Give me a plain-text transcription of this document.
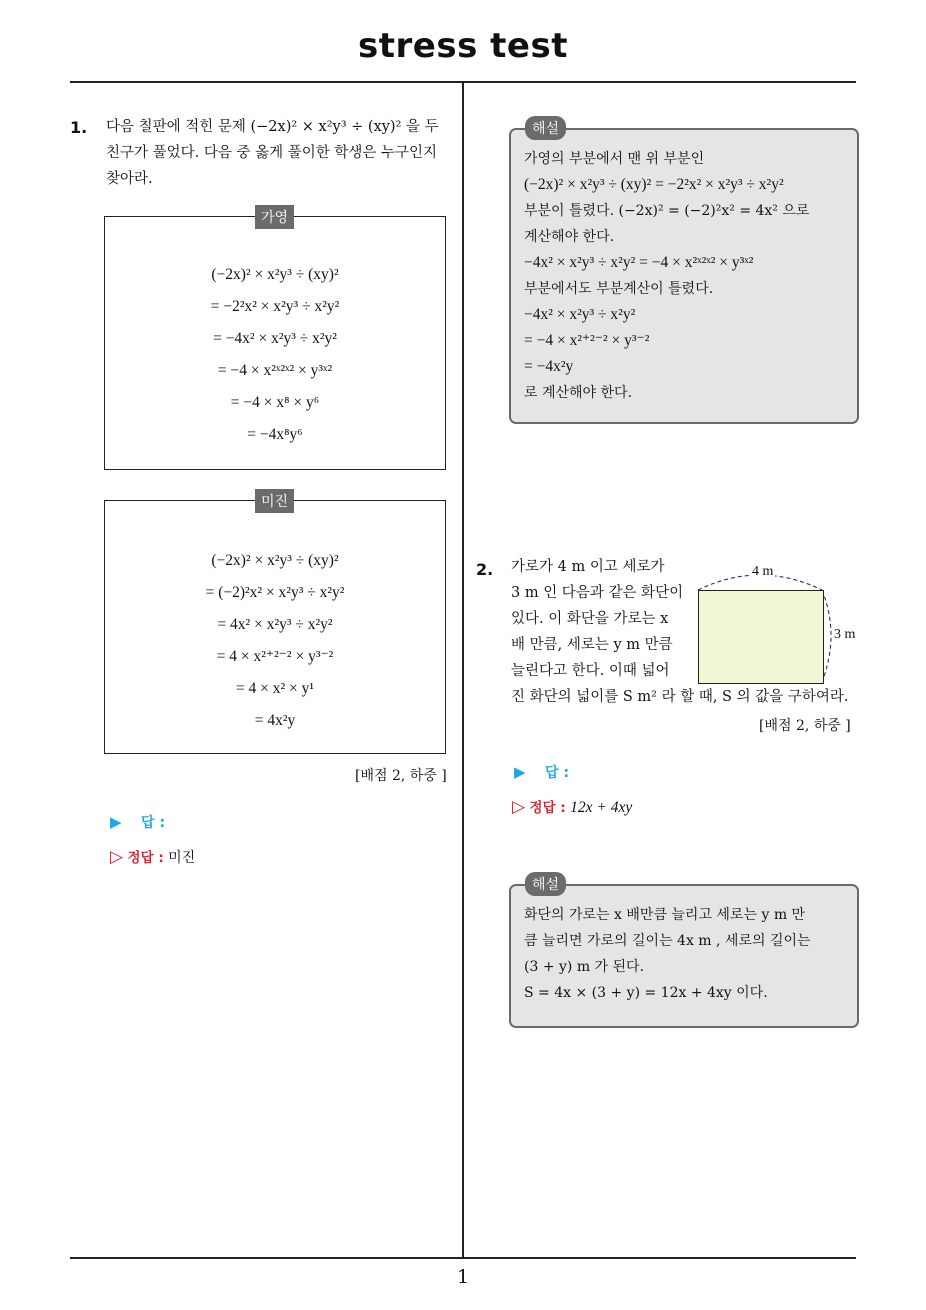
stress test
1
1. 다음 칠판에 적힌 문제 (−2x)² × x²y³ ÷ (xy)² 을 두
친구가 풀었다. 다음 중 옳게 풀이한 학생은 누구인지
찾아라.
(−2x)² × x²y³ ÷ (xy)²
= −2²x² × x²y³ ÷ x²y²
= −4x² × x²y³ ÷ x²y²
= −4 × x²ˣ²ˣ² × y³ˣ²
= −4 × x⁸ × y⁶
= −4x⁸y⁶
가영
(−2x)² × x²y³ ÷ (xy)²
= (−2)²x² × x²y³ ÷ x²y²
= 4x² × x²y³ ÷ x²y²
= 4 × x²⁺²⁻² × y³⁻²
= 4 × x² × y¹
= 4x²y
미진
[배점 2, 하중 ]
▶ 답 :
▷ 정답 : 미진
가영의 부분에서 맨 위 부분인
(−2x)² × x²y³ ÷ (xy)² = −2²x² × x²y³ ÷ x²y²
부분이 틀렸다. (−2x)² = (−2)²x² = 4x² 으로
계산해야 한다.
−4x² × x²y³ ÷ x²y² = −4 × x²ˣ²ˣ² × y³ˣ²
부분에서도 부분계산이 틀렸다.
−4x² × x²y³ ÷ x²y²
= −4 × x²⁺²⁻² × y³⁻²
= −4x²y
로 계산해야 한다.
해설
2. 가로가 4 m 이고 세로가
3 m 인 다음과 같은 화단이
있다. 이 화단을 가로는 x
배 만큼, 세로는 y m 만큼
늘린다고 한다. 이때 넓어
진 화단의 넓이를 S m² 라 할 때, S 의 값을 구하여라.
4 m
3 m
[배점 2, 하중 ]
▶ 답 :
▷ 정답 : 12x + 4xy
화단의 가로는 x 배만큼 늘리고 세로는 y m 만
큼 늘리면 가로의 길이는 4x m , 세로의 길이는
(3 + y) m 가 된다.
S = 4x × (3 + y) = 12x + 4xy 이다.
해설
